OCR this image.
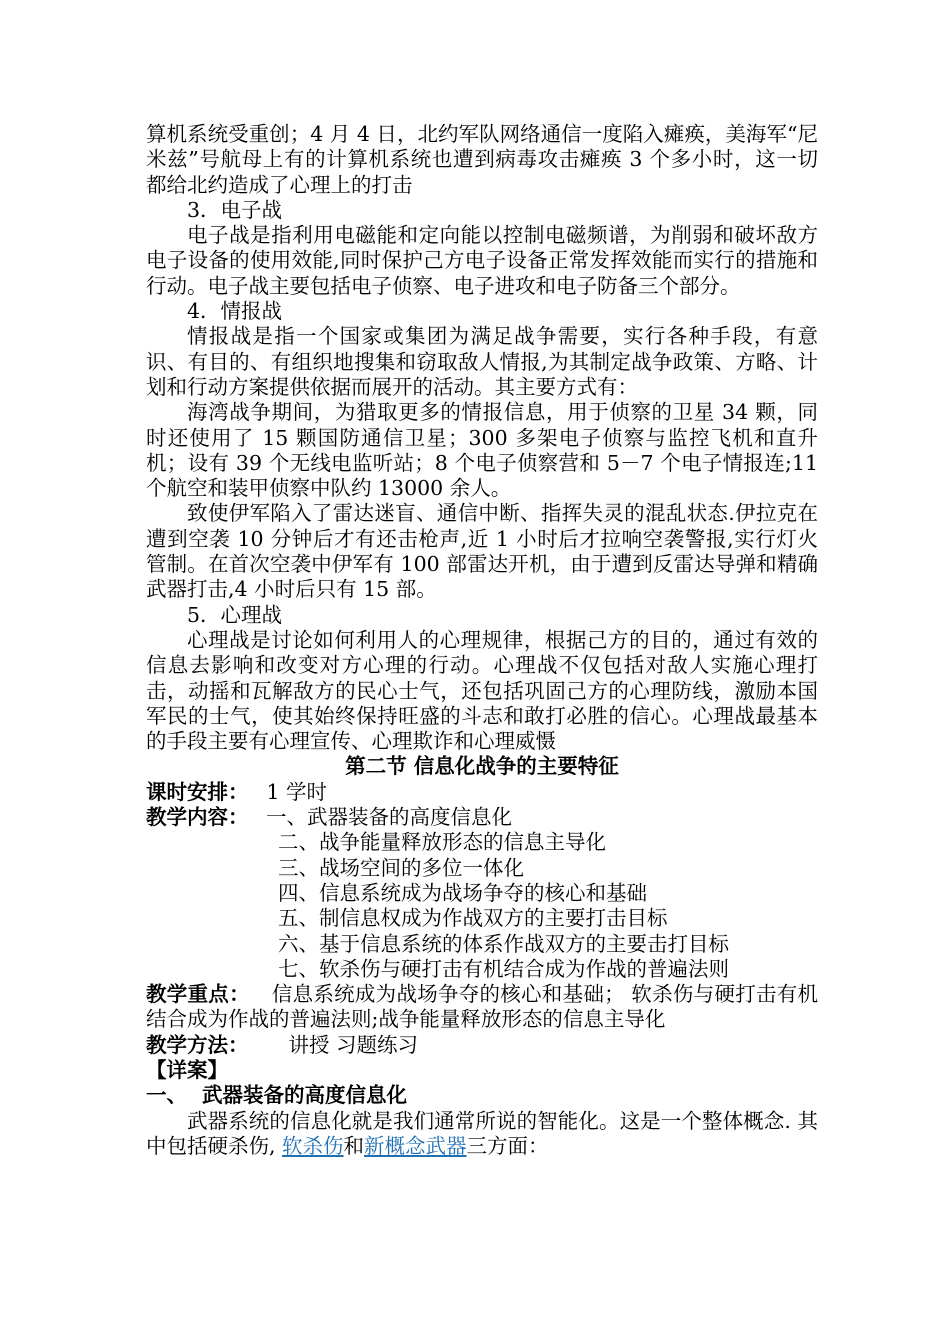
算机系统受重创；4 月 4 日，北约军队网络通信一度陷入瘫痪，美海军“尼米兹”号航母上有的计算机系统也遭到病毒攻击瘫痪 3 个多小时，这一切都给北约造成了心理上的打击

3．电子战

电子战是指利用电磁能和定向能以控制电磁频谱，为削弱和破坏敌方电子设备的使用效能,同时保护己方电子设备正常发挥效能而实行的措施和行动。电子战主要包括电子侦察、电子进攻和电子防备三个部分。

4．情报战

情报战是指一个国家或集团为满足战争需要，实行各种手段，有意识、有目的、有组织地搜集和窃取敌人情报,为其制定战争政策、方略、计划和行动方案提供依据而展开的活动。其主要方式有：

海湾战争期间，为猎取更多的情报信息，用于侦察的卫星 34 颗，同时还使用了 15 颗国防通信卫星；300 多架电子侦察与监控飞机和直升机；设有 39 个无线电监听站；8 个电子侦察营和 5－7 个电子情报连;11 个航空和装甲侦察中队约 13000 余人。

致使伊军陷入了雷达迷盲、通信中断、指挥失灵的混乱状态.伊拉克在遭到空袭 10 分钟后才有还击枪声,近 1 小时后才拉响空袭警报,实行灯火管制。在首次空袭中伊军有 100 部雷达开机，由于遭到反雷达导弹和精确武器打击,4 小时后只有 15 部。

5．心理战

心理战是讨论如何利用人的心理规律，根据己方的目的，通过有效的信息去影响和改变对方心理的行动。心理战不仅包括对敌人实施心理打击，动摇和瓦解敌方的民心士气，还包括巩固己方的心理防线，激励本国军民的士气，使其始终保持旺盛的斗志和敢打必胜的信心。心理战最基本的手段主要有心理宣传、心理欺诈和心理威慑

第二节 信息化战争的主要特征

课时安排： 1 学时

教学内容： 一、武器装备的高度信息化
二、战争能量释放形态的信息主导化
三、战场空间的多位一体化
四、信息系统成为战场争夺的核心和基础
五、制信息权成为作战双方的主要打击目标
六、基于信息系统的体系作战双方的主要击打目标
七、软杀伤与硬打击有机结合成为作战的普遍法则

教学重点： 信息系统成为战场争夺的核心和基础； 软杀伤与硬打击有机结合成为作战的普遍法则;战争能量释放形态的信息主导化

教学方法： 讲授 习题练习

【详案】

一、 武器装备的高度信息化

武器系统的信息化就是我们通常所说的智能化。这是一个整体概念. 其中包括硬杀伤, 软杀伤和新概念武器三方面：
